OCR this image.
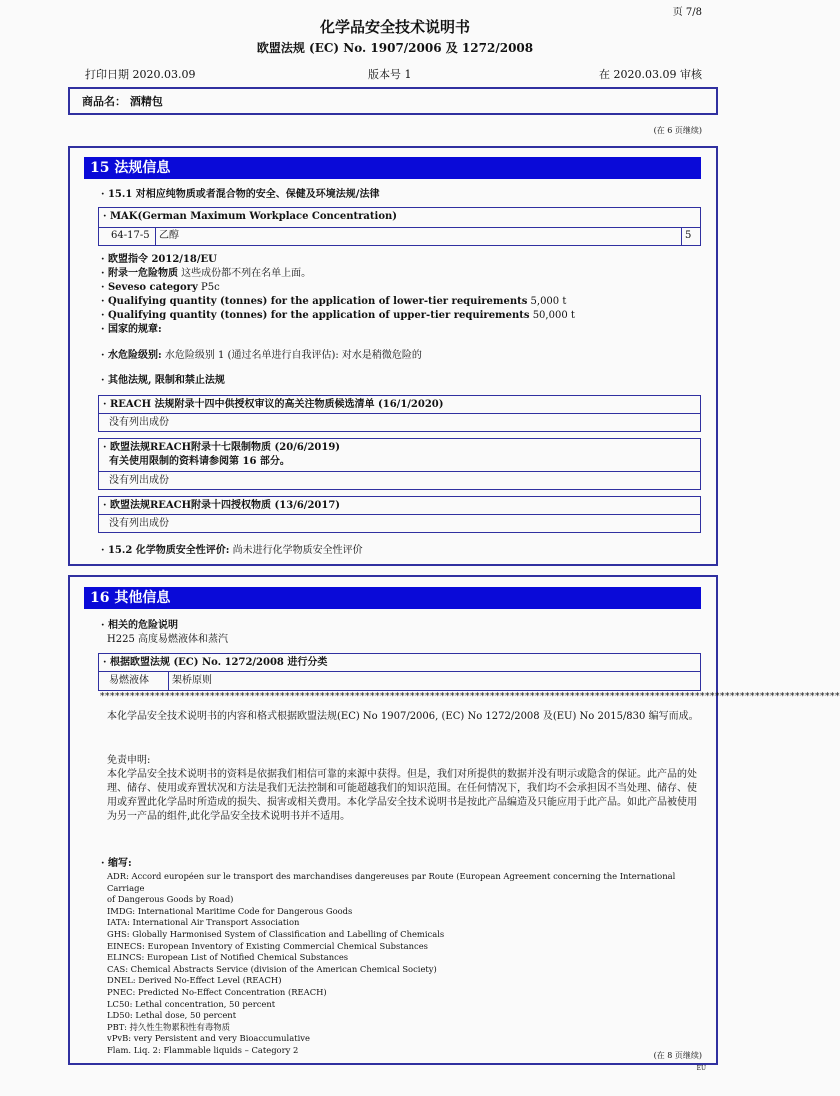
化学品安全技术说明书
欧盟法规 (EC) No. 1907/2006 及 1272/2008
页 7/8
打印日期 2020.03.09	版本号 1	在 2020.03.09 审核
商品名： 酒精包
(在 6 页继续)
15 法规信息
· 15.1 对相应纯物质或者混合物的安全、保健及环境法规/法律
· MAK(German Maximum Workplace Concentration)
64-17-5 乙醇	5
· 欧盟指令 2012/18/EU
· 附录一危险物质 这些成份都不列在名单上面。
· Seveso category P5c
· Qualifying quantity (tonnes) for the application of lower-tier requirements 5,000 t
· Qualifying quantity (tonnes) for the application of upper-tier requirements 50,000 t
· 国家的规章:
· 水危险级别: 水危险级别 1 (通过名单进行自我评估): 对水是稍微危险的
· 其他法规, 限制和禁止法规
· REACH 法规附录十四中供授权审议的高关注物质候选清单 (16/1/2020)
没有列出成份
· 欧盟法规REACH附录十七限制物质 (20/6/2019)
有关使用限制的资料请参阅第 16 部分。
没有列出成份
· 欧盟法规REACH附录十四授权物质 (13/6/2017)
没有列出成份
· 15.2 化学物质安全性评价: 尚未进行化学物质安全性评价
16 其他信息
· 相关的危险说明
H225 高度易燃液体和蒸汽
· 根据欧盟法规 (EC) No. 1272/2008 进行分类
易燃液体 架桥原则
****************************************************************************************************************************************************
本化学品安全技术说明书的内容和格式根据欧盟法规(EC) No 1907/2006, (EC) No 1272/2008 及(EU) No 2015/830 编写而成。
免责申明:
本化学品安全技术说明书的资料是依据我们相信可靠的来源中获得。但是，我们对所提供的数据并没有明示或隐含的保证。此产品的处理、储存、使用或弃置状况和方法是我们无法控制和可能超越我们的知识范围。在任何情况下，我们均不会承担因不当处理、储存、使用或弃置此化学品时所造成的损失、损害或相关费用。本化学品安全技术说明书是按此产品编造及只能应用于此产品。如此产品被使用为另一产品的组件,此化学品安全技术说明书并不适用。
· 缩写:
ADR: Accord européen sur le transport des marchandises dangereuses par Route (European Agreement concerning the International Carriage
of Dangerous Goods by Road)
IMDG: International Maritime Code for Dangerous Goods
IATA: International Air Transport Association
GHS: Globally Harmonised System of Classification and Labelling of Chemicals
EINECS: European Inventory of Existing Commercial Chemical Substances
ELINCS: European List of Notified Chemical Substances
CAS: Chemical Abstracts Service (division of the American Chemical Society)
DNEL: Derived No-Effect Level (REACH)
PNEC: Predicted No-Effect Concentration (REACH)
LC50: Lethal concentration, 50 percent
LD50: Lethal dose, 50 percent
PBT: 持久性生物累积性有毒物质
vPvB: very Persistent and very Bioaccumulative
Flam. Liq. 2: Flammable liquids – Category 2
(在 8 页继续)
EU
